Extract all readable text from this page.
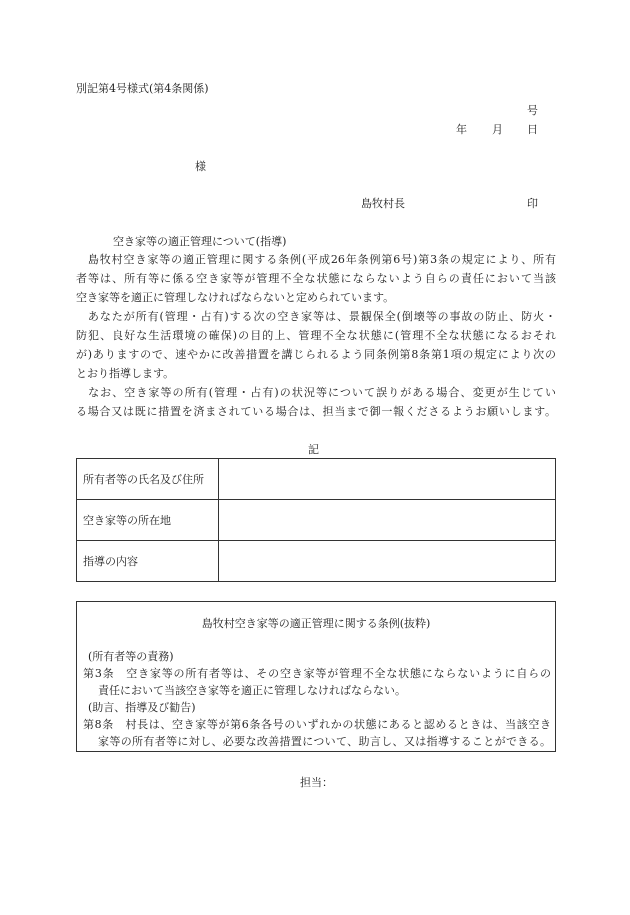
別記第4号様式(第4条関係)
号
年 月 日
様
島牧村長	印
空き家等の適正管理について(指導)
　島牧村空き家等の適正管理に関する条例(平成26年条例第6号)第3条の規定により、所有
者等は、所有等に係る空き家等が管理不全な状態にならないよう自らの責任において当該
空き家等を適正に管理しなければならないと定められています。
　あなたが所有(管理・占有)する次の空き家等は、景観保全(倒壊等の事故の防止、防火・
防犯、良好な生活環境の確保)の目的上、管理不全な状態に(管理不全な状態になるおそれ
が)ありますので、速やかに改善措置を講じられるよう同条例第8条第1項の規定により次の
とおり指導します。
　なお、空き家等の所有(管理・占有)の状況等について誤りがある場合、変更が生じてい
る場合又は既に措置を済まされている場合は、担当まで御一報くださるようお願いします。
記
所有者等の氏名及び住所	
空き家等の所在地	
指導の内容	
島牧村空き家等の適正管理に関する条例(抜粋)
(所有者等の責務)
第3条　空き家等の所有者等は、その空き家等が管理不全な状態にならないように自らの
責任において当該空き家等を適正に管理しなければならない。
(助言、指導及び勧告)
第8条　村長は、空き家等が第6条各号のいずれかの状態にあると認めるときは、当該空き
家等の所有者等に対し、必要な改善措置について、助言し、又は指導することができる。
担当：
